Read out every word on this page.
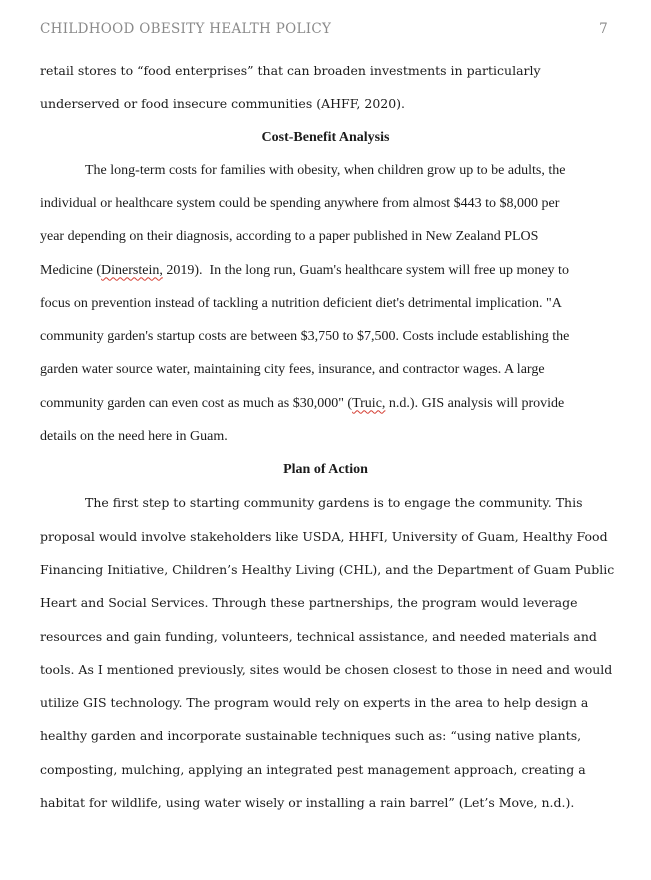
CHILDHOOD OBESITY HEALTH POLICY	7
retail stores to “food enterprises” that can broaden investments in particularly
underserved or food insecure communities (AHFF, 2020).
Cost-Benefit Analysis
The long-term costs for families with obesity, when children grow up to be adults, the
individual or healthcare system could be spending anywhere from almost $443 to $8,000 per
year depending on their diagnosis, according to a paper published in New Zealand PLOS
Medicine (Dinerstein, 2019).  In the long run, Guam's healthcare system will free up money to
focus on prevention instead of tackling a nutrition deficient diet's detrimental implication. "A
community garden's startup costs are between $3,750 to $7,500. Costs include establishing the
garden water source water, maintaining city fees, insurance, and contractor wages. A large
community garden can even cost as much as $30,000" (Truic, n.d.). GIS analysis will provide
details on the need here in Guam.
Plan of Action
The first step to starting community gardens is to engage the community. This
proposal would involve stakeholders like USDA, HHFI, University of Guam, Healthy Food
Financing Initiative, Children’s Healthy Living (CHL), and the Department of Guam Public
Heart and Social Services. Through these partnerships, the program would leverage
resources and gain funding, volunteers, technical assistance, and needed materials and
tools. As I mentioned previously, sites would be chosen closest to those in need and would
utilize GIS technology. The program would rely on experts in the area to help design a
healthy garden and incorporate sustainable techniques such as: “using native plants,
composting, mulching, applying an integrated pest management approach, creating a
habitat for wildlife, using water wisely or installing a rain barrel” (Let’s Move, n.d.).
